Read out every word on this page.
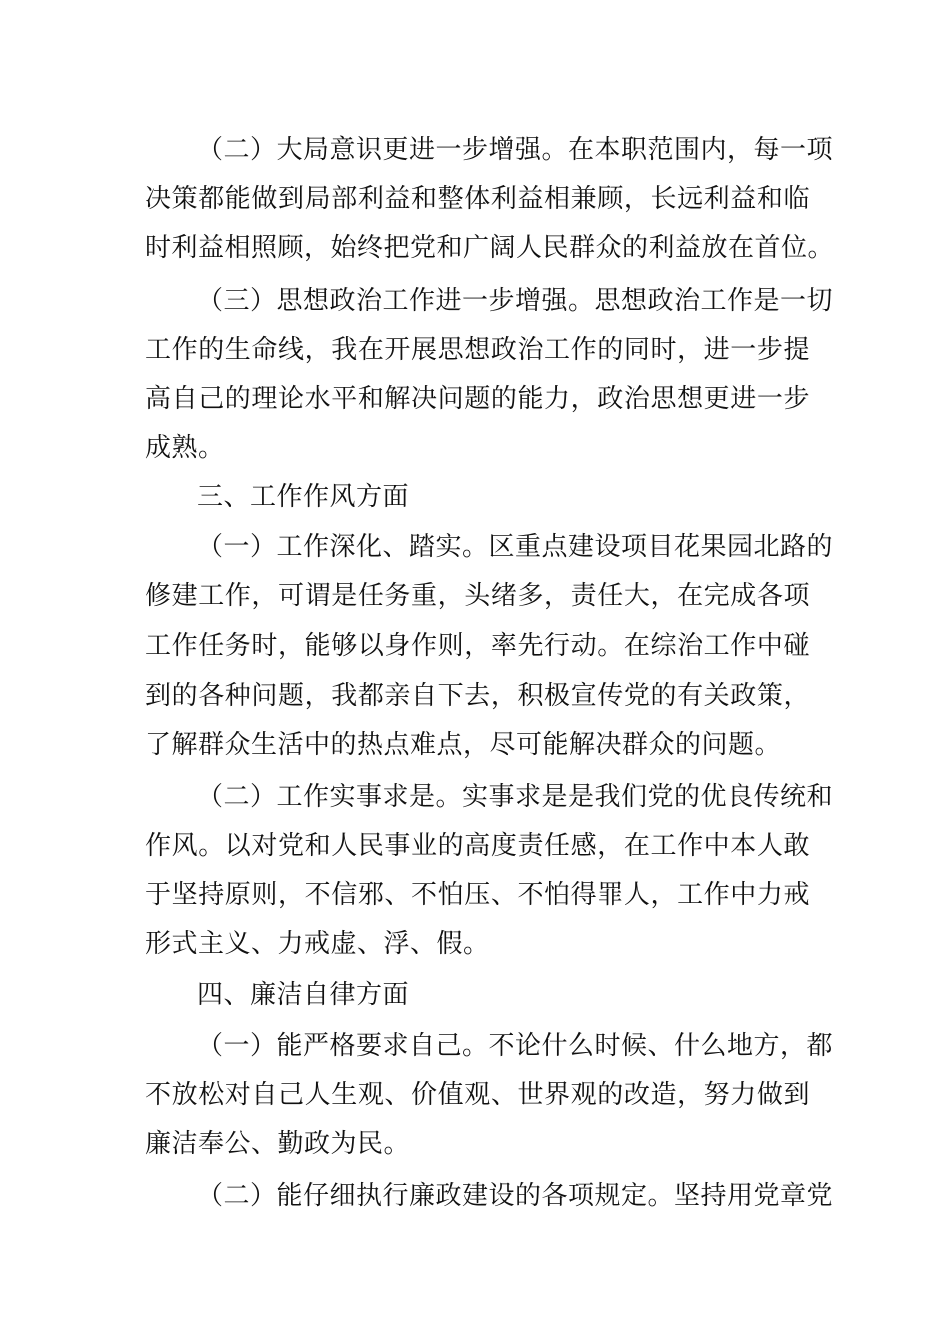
（二）大局意识更进一步增强。在本职范围内，每一项

决策都能做到局部利益和整体利益相兼顾，长远利益和临

时利益相照顾，始终把党和广阔人民群众的利益放在首位。

（三）思想政治工作进一步增强。思想政治工作是一切

工作的生命线，我在开展思想政治工作的同时，进一步提

高自己的理论水平和解决问题的能力，政治思想更进一步

成熟。

三、工作作风方面

（一）工作深化、踏实。区重点建设项目花果园北路的

修建工作，可谓是任务重，头绪多，责任大，在完成各项

工作任务时，能够以身作则，率先行动。在综治工作中碰

到的各种问题，我都亲自下去，积极宣传党的有关政策，

了解群众生活中的热点难点，尽可能解决群众的问题。

（二）工作实事求是。实事求是是我们党的优良传统和

作风。以对党和人民事业的高度责任感，在工作中本人敢

于坚持原则，不信邪、不怕压、不怕得罪人，工作中力戒

形式主义、力戒虚、浮、假。

四、廉洁自律方面

（一）能严格要求自己。不论什么时候、什么地方，都

不放松对自己人生观、价值观、世界观的改造，努力做到

廉洁奉公、勤政为民。

（二）能仔细执行廉政建设的各项规定。坚持用党章党
